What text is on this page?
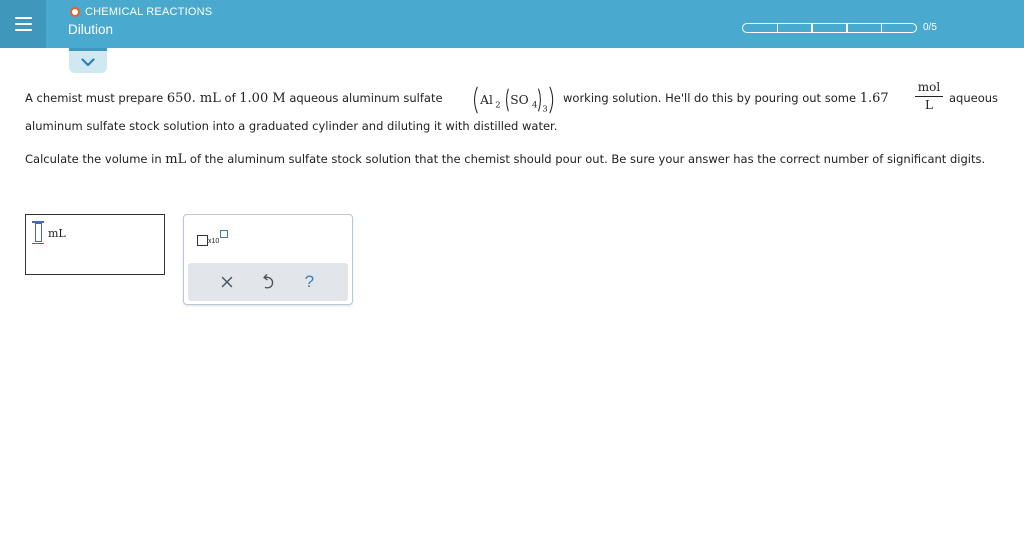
CHEMICAL REACTIONS
Dilution	0/5
A chemist must prepare 650. mL of 1.00 M aqueous aluminum sulfate	Al 2 SO 4 3
working solution. He'll do this by pouring out some 1.67
mol
L	aqueous
aluminum sulfate stock solution into a graduated cylinder and diluting it with distilled water.
Calculate the volume in mL of the aluminum sulfate stock solution that the chemist should pour out. Be sure your answer has the correct number of significant digits.
mL
x10
?
